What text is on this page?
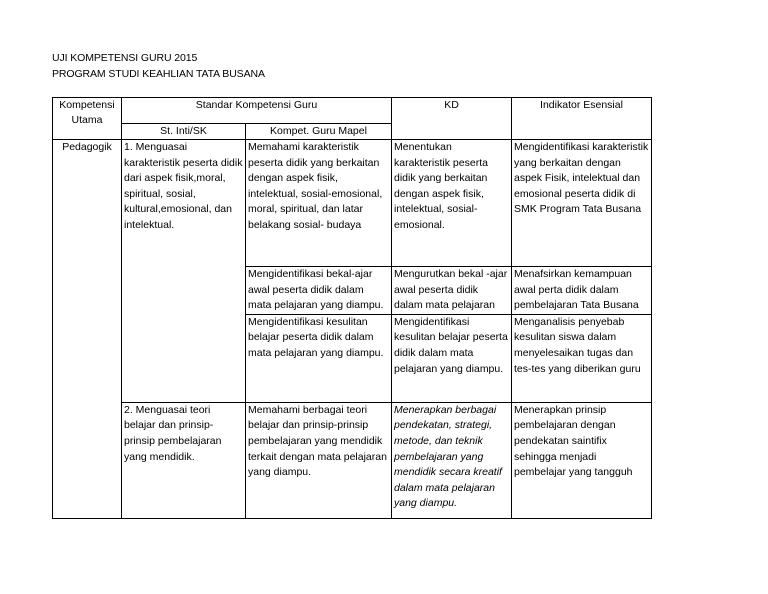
UJI KOMPETENSI GURU 2015
PROGRAM STUDI KEAHLIAN TATA BUSANA
Kompetensi Utama	Standar Kompetensi Guru		KD	Indikator Esensial
	St. Inti/SK	Kompet. Guru Mapel		
Pedagogik	1. Menguasai karakteristik peserta didik dari aspek fisik,moral, spiritual, sosial, kultural,emosional, dan intelektual.	Memahami karakteristik peserta didik yang berkaitan dengan aspek fisik, intelektual, sosial-emosional, moral, spiritual, dan latar belakang sosial- budaya	Menentukan karakteristik peserta didik yang berkaitan dengan aspek fisik, intelektual, sosial-emosional.	Mengidentifikasi karakteristik yang berkaitan dengan aspek Fisik, intelektual dan emosional peserta didik di SMK Program Tata Busana
		Mengidentifikasi bekal-ajar awal peserta didik dalam mata pelajaran yang diampu.	Mengurutkan bekal -ajar awal peserta didik dalam mata pelajaran	Menafsirkan kemampuan awal perta didik dalam pembelajaran Tata Busana
		Mengidentifikasi kesulitan belajar peserta didik dalam mata pelajaran yang diampu.	Mengidentifikasi kesulitan belajar peserta didik dalam mata pelajaran yang diampu.	Menganalisis penyebab kesulitan siswa dalam menyelesaikan tugas dan tes-tes yang diberikan guru
	2. Menguasai teori belajar dan prinsip-prinsip pembelajaran yang mendidik.	Memahami berbagai teori belajar dan prinsip-prinsip pembelajaran yang mendidik terkait dengan mata pelajaran yang diampu.	Menerapkan berbagai pendekatan, strategi, metode, dan teknik pembelajaran yang mendidik secara kreatif dalam mata pelajaran yang diampu.	Menerapkan prinsip pembelajaran dengan pendekatan saintifix sehingga menjadi pembelajar yang tangguh
